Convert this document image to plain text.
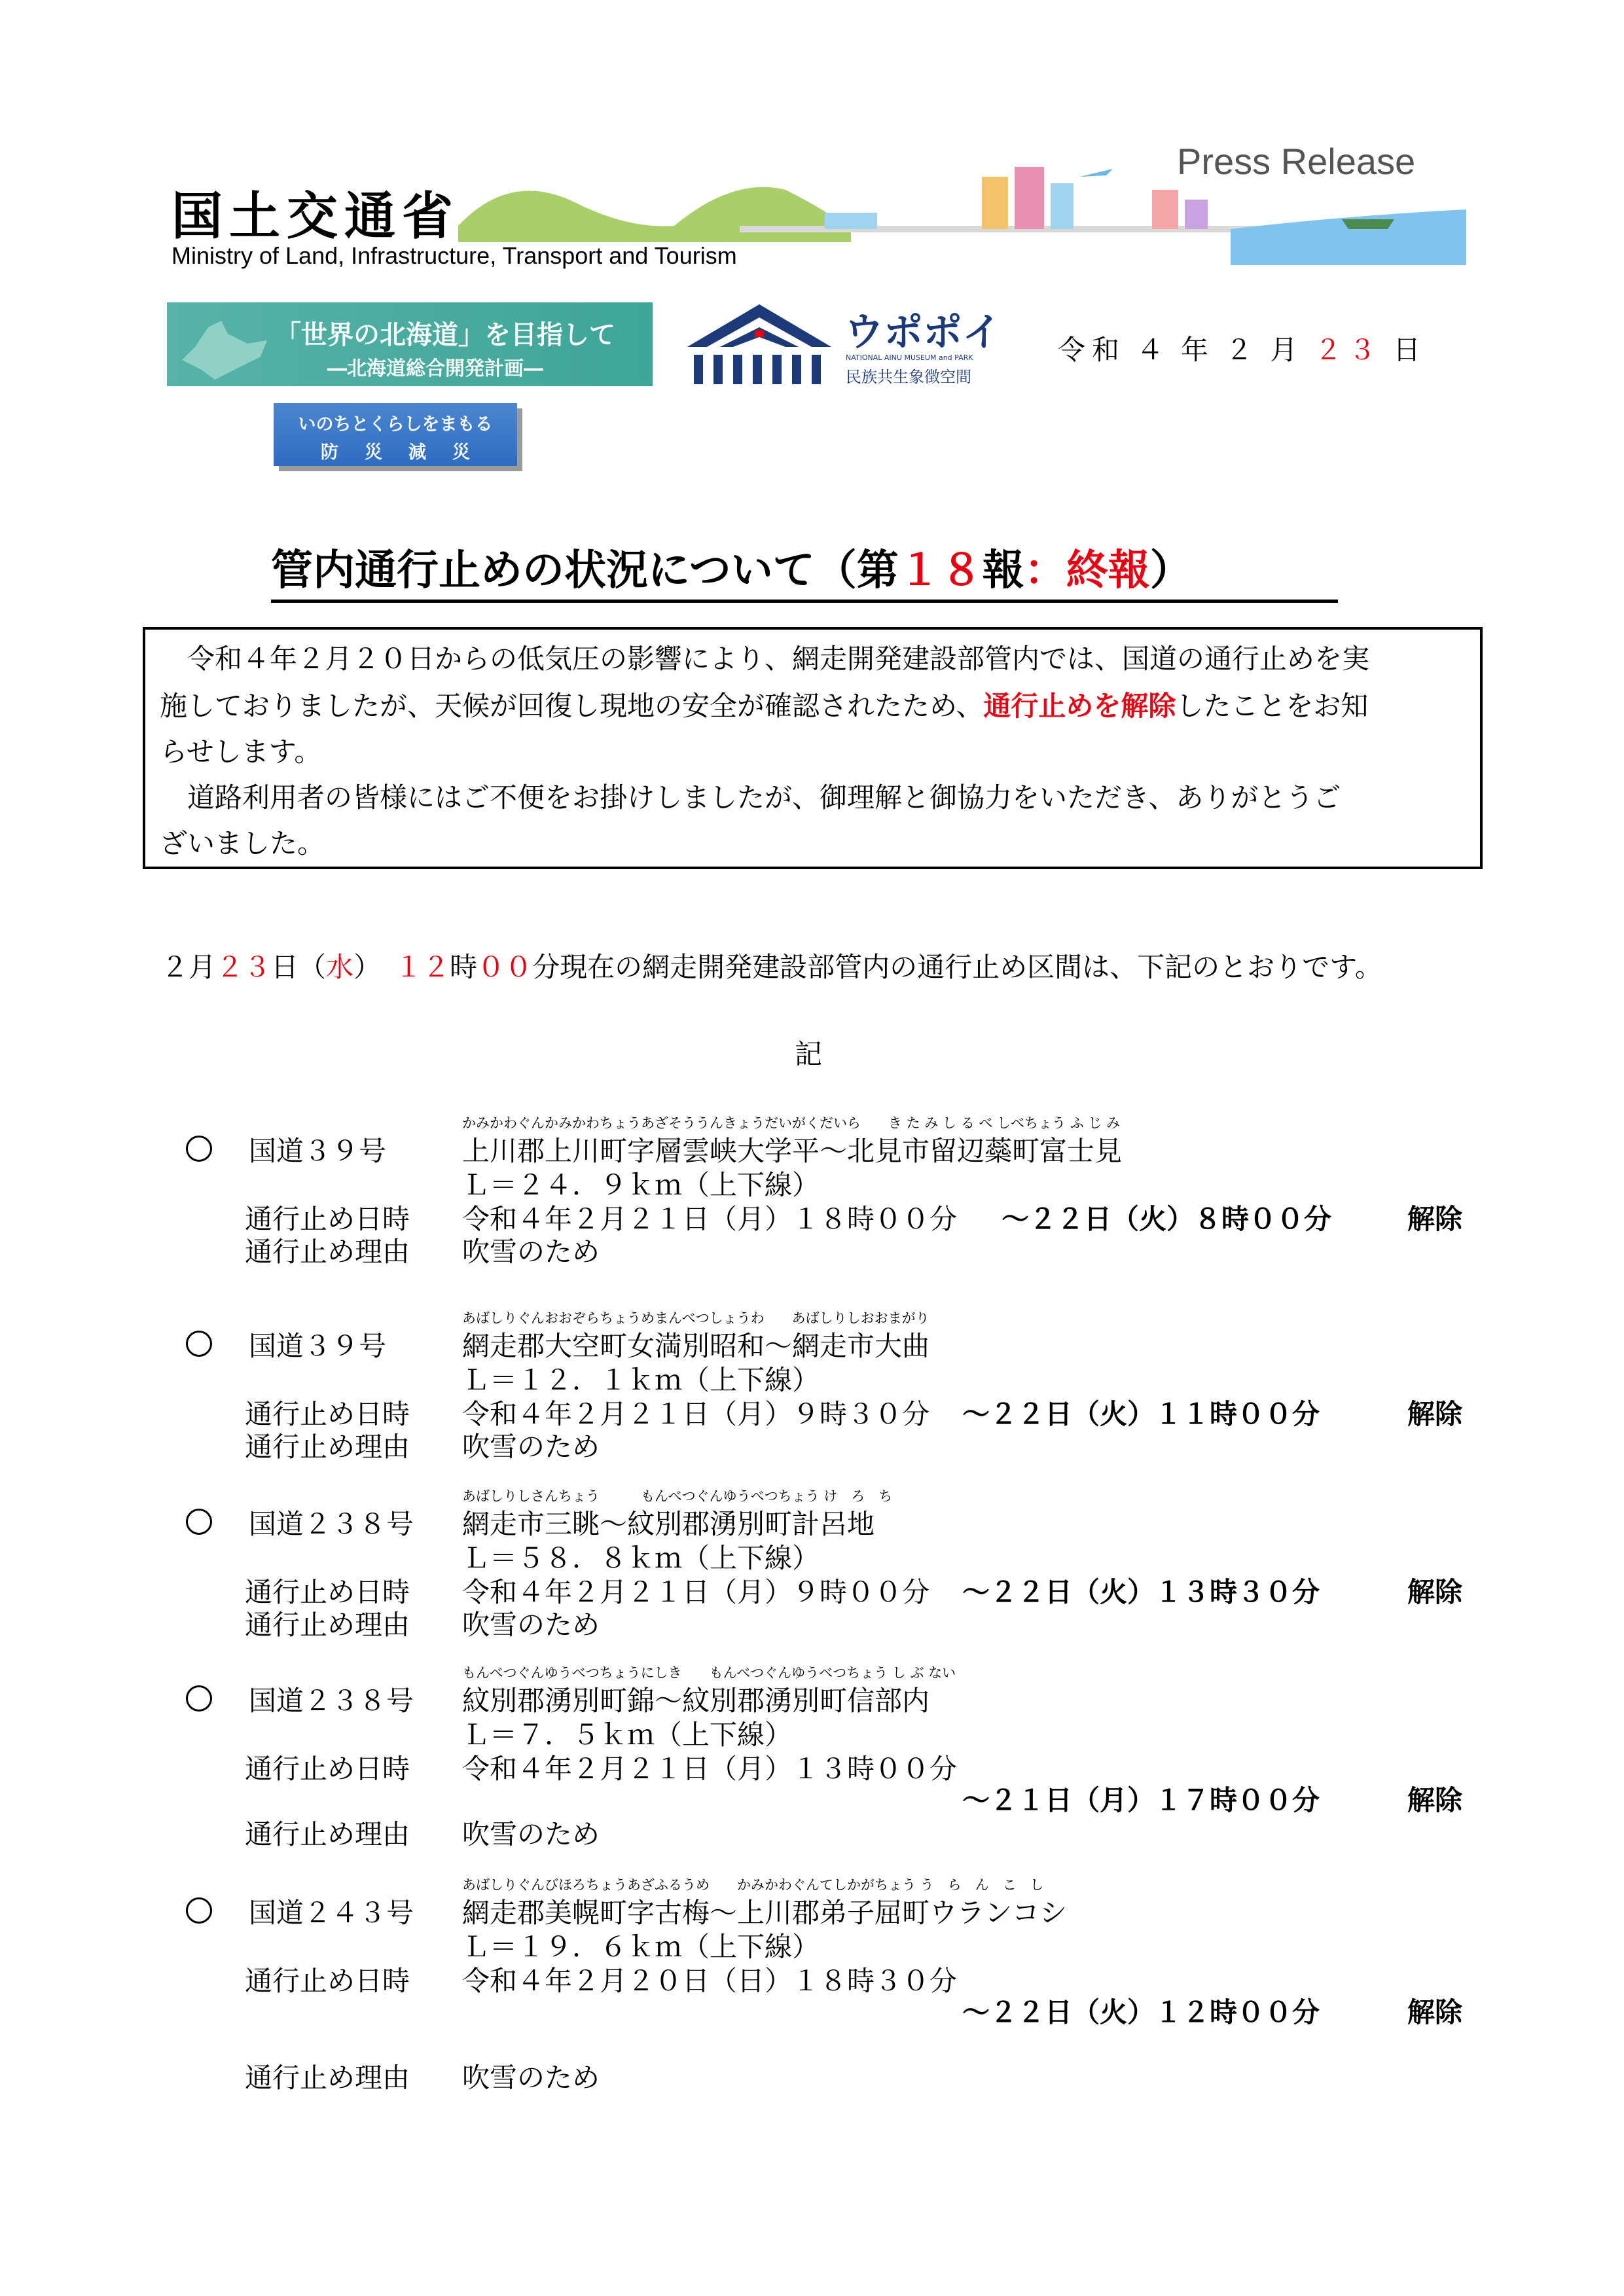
国土交通省
Ministry of Land, Infrastructure, Transport and Tourism
Press Release
「世界の北海道」を目指して
―北海道総合開発計画―
ウポポイ
NATIONAL AINU MUSEUM and PARK
民族共生象徴空間
令和 ４ 年 ２ 月 ２３ 日
いのちとくらしをまもる
防災減災
管内通行止めの状況について（第１８報：終報）
　令和４年２月２０日からの低気圧の影響により、網走開発建設部管内では、国道の通行止めを実
施しておりましたが、天候が回復し現地の安全が確認されたため、通行止めを解除したことをお知
らせします。
　道路利用者の皆様にはご不便をお掛けしましたが、御理解と御協力をいただき、ありがとうご
ざいました。
２月２３日（水）　 １２時００分現在の網走開発建設部管内の通行止め区間は、下記のとおりです。
記
国道３９号
かみかわぐんかみかわちょうあざそううんきょうだいがくだいら　　き た み し る べ しべちょう ふ じ み
上川郡上川町字層雲峡大学平～北見市留辺蘂町富士見
Ｌ＝２４．９ｋｍ（上下線）
通行止め日時 令和４年２月２１日（月）１８時００分 ～２２日（火）８時００分	解除
通行止め理由 吹雪のため
国道３９号
あばしりぐんおおぞらちょうめまんべつしょうわ　　あばしりしおおまがり
網走郡大空町女満別昭和～網走市大曲
Ｌ＝１２．１ｋｍ（上下線）
通行止め日時 令和４年２月２１日（月）９時３０分 ～２２日（火）１１時００分	解除
通行止め理由 吹雪のため
国道２３８号
あばしりしさんちょう　　　もんべつぐんゆうべつちょう け　ろ　ち
網走市三眺～紋別郡湧別町計呂地
Ｌ＝５８．８ｋｍ（上下線）
通行止め日時 令和４年２月２１日（月）９時００分 ～２２日（火）１３時３０分	解除
通行止め理由 吹雪のため
国道２３８号
もんべつぐんゆうべつちょうにしき　　もんべつぐんゆうべつちょう し ぶ ない
紋別郡湧別町錦～紋別郡湧別町信部内
Ｌ＝７．５ｋｍ（上下線）
通行止め日時 令和４年２月２１日（月）１３時００分
～２１日（月）１７時００分	解除
通行止め理由 吹雪のため
国道２４３号
あばしりぐんびほろちょうあざふるうめ　　かみかわぐんてしかがちょう う　ら　ん　こ　し
網走郡美幌町字古梅～上川郡弟子屈町ウランコシ
Ｌ＝１９．６ｋｍ（上下線）
通行止め日時 令和４年２月２０日（日）１８時３０分
～２２日（火）１２時００分	解除
通行止め理由 吹雪のため
